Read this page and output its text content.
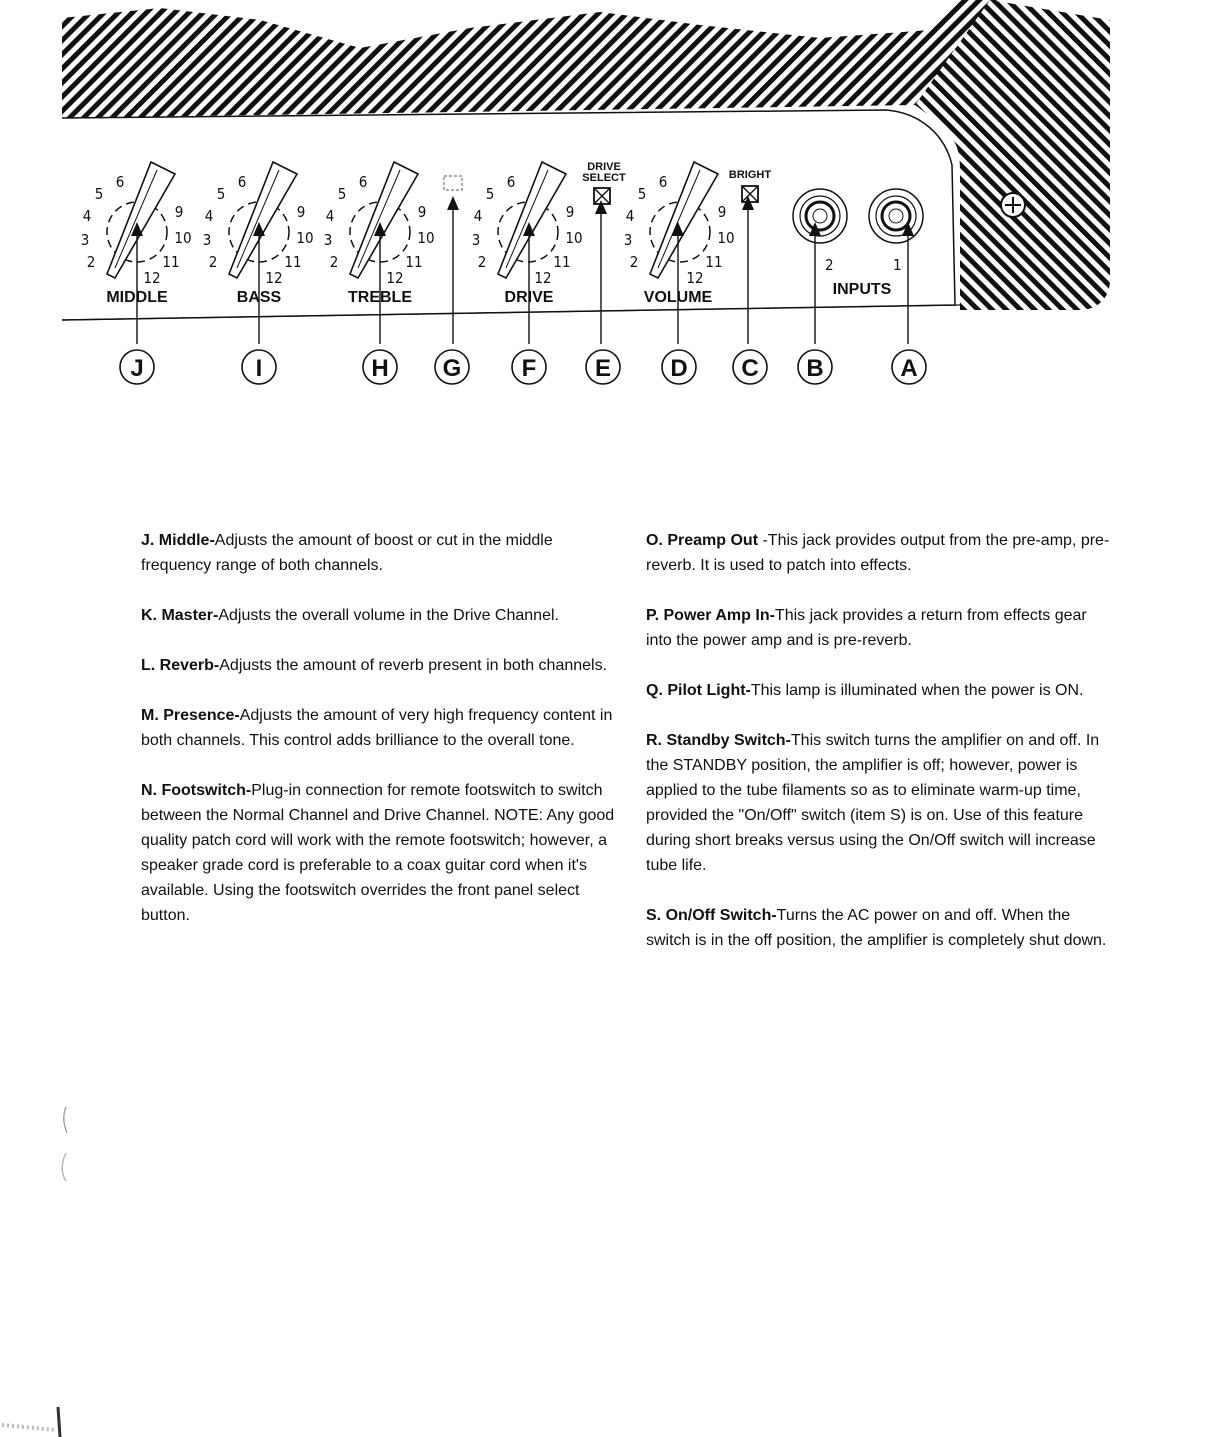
2
3
4
5
6
9
10
11
12
MIDDLE
2
3
4
5
6
9
10
11
12
BASS
2
3
4
5
6
9
10
11
12
TREBLE
2
3
4
5
6
9
10
11
12
DRIVE
2
3
4
5
6
9
10
11
12
VOLUME
DRIVE
SELECT	BRIGHT
2	1
INPUTS
J	I	H G	F E D C B	A

J. Middle-Adjusts the amount of boost or cut in the middle frequency range of both channels.

K. Master-Adjusts the overall volume in the Drive Channel.

L. Reverb-Adjusts the amount of reverb present in both channels.

M. Presence-Adjusts the amount of very high frequency content in both channels. This control adds brilliance to the overall tone.

N. Footswitch-Plug-in connection for remote footswitch to switch between the Normal Channel and Drive Channel. NOTE: Any good quality patch cord will work with the remote footswitch; however, a speaker grade cord is preferable to a coax guitar cord when it's available. Using the footswitch overrides the front panel select button.

O. Preamp Out -This jack provides output from the pre-amp, pre-reverb. It is used to patch into effects.

P. Power Amp In-This jack provides a return from effects gear into the power amp and is pre-reverb.

Q. Pilot Light-This lamp is illuminated when the power is ON.

R. Standby Switch-This switch turns the amplifier on and off. In the STANDBY position, the amplifier is off; however, power is applied to the tube filaments so as to eliminate warm-up time, provided the "On/Off" switch (item S) is on. Use of this feature during short breaks versus using the On/Off switch will increase tube life.

S. On/Off Switch-Turns the AC power on and off. When the switch is in the off position, the amplifier is completely shut down.
